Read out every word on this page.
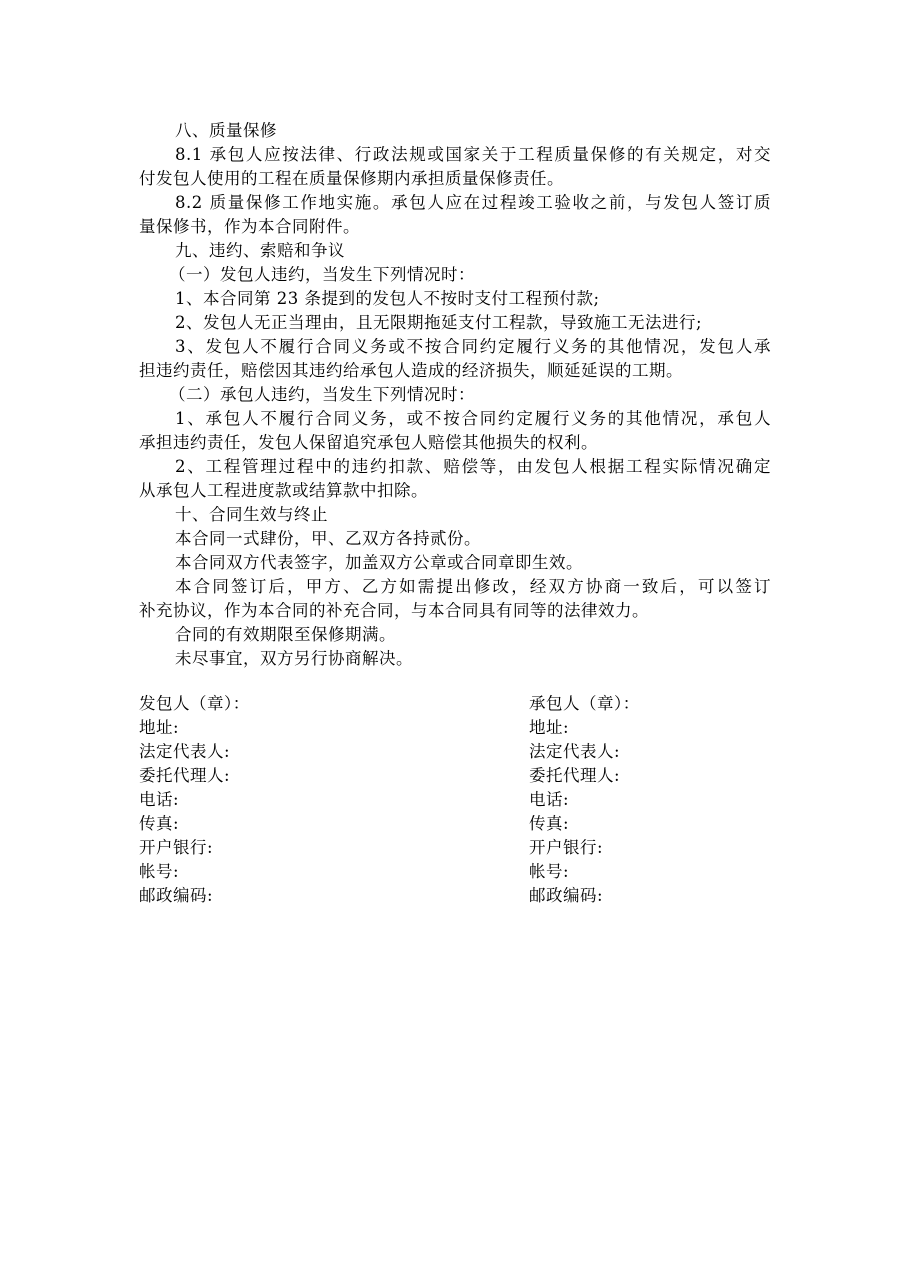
八、质量保修
8.1 承包人应按法律、行政法规或国家关于工程质量保修的有关规定，对交
付发包人使用的工程在质量保修期内承担质量保修责任。
8.2 质量保修工作地实施。承包人应在过程竣工验收之前，与发包人签订质
量保修书，作为本合同附件。
九、违约、索赔和争议
（一）发包人违约，当发生下列情况时：
1、本合同第 23 条提到的发包人不按时支付工程预付款;
2、发包人无正当理由，且无限期拖延支付工程款，导致施工无法进行;
3、发包人不履行合同义务或不按合同约定履行义务的其他情况，发包人承
担违约责任，赔偿因其违约给承包人造成的经济损失，顺延延误的工期。
（二）承包人违约，当发生下列情况时：
1、承包人不履行合同义务，或不按合同约定履行义务的其他情况，承包人
承担违约责任，发包人保留追究承包人赔偿其他损失的权利。
2、工程管理过程中的违约扣款、赔偿等，由发包人根据工程实际情况确定
从承包人工程进度款或结算款中扣除。
十、合同生效与终止
本合同一式肆份，甲、乙双方各持贰份。
本合同双方代表签字，加盖双方公章或合同章即生效。
本合同签订后，甲方、乙方如需提出修改，经双方协商一致后，可以签订
补充协议，作为本合同的补充合同，与本合同具有同等的法律效力。
合同的有效期限至保修期满。
未尽事宜，双方另行协商解决。
发包人（章）：
地址:
法定代表人:
委托代理人:
电话:
传真:
开户银行:
帐号:
邮政编码:
承包人（章）：
地址:
法定代表人:
委托代理人:
电话:
传真:
开户银行:
帐号:
邮政编码:
